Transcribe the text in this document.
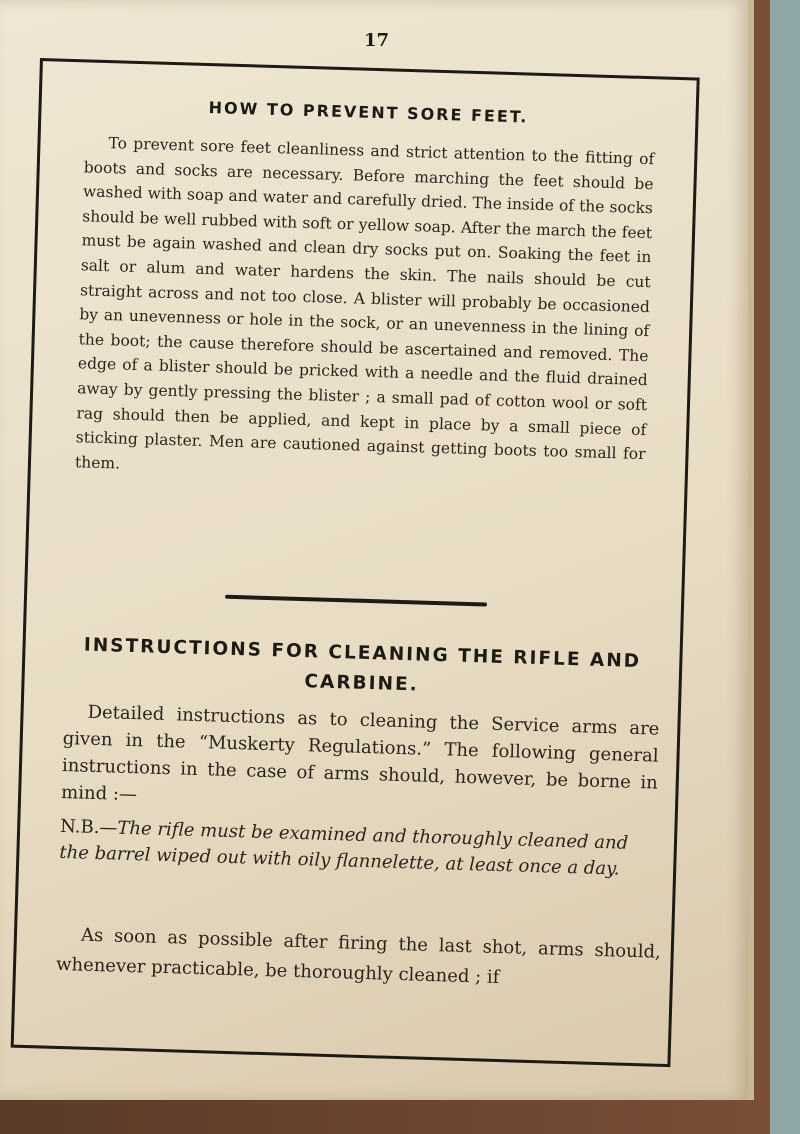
17
HOW TO PREVENT SORE FEET.
To prevent sore feet cleanliness and strict attention to the fitting of boots and socks are necessary. Before marching the feet should be washed with soap and water and carefully dried. The inside of the socks should be well rubbed with soft or yellow soap. After the march the feet must be again washed and clean dry socks put on. Soaking the feet in salt or alum and water hardens the skin. The nails should be cut straight across and not too close. A blister will probably be occasioned by an unevenness or hole in the sock, or an unevenness in the lining of the boot; the cause therefore should be ascertained and removed. The edge of a blister should be pricked with a needle and the fluid drained away by gently pressing the blister ; a small pad of cotton wool or soft rag should then be applied, and kept in place by a small piece of sticking plaster. Men are cautioned against getting boots too small for them.
INSTRUCTIONS FOR CLEANING THE RIFLE AND CARBINE.
Detailed instructions as to cleaning the Service arms are given in the “Muskerty Regulations.” The following general instructions in the case of arms should, however, be borne in mind :—
N.B.—The rifle must be examined and thoroughly cleaned and the barrel wiped out with oily flannelette, at least once a day.
As soon as possible after firing the last shot, arms should, whenever practicable, be thoroughly cleaned ; if
